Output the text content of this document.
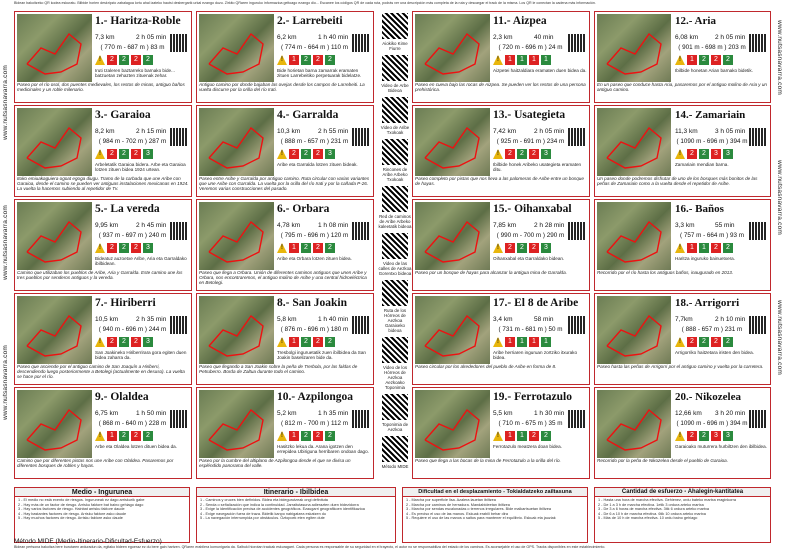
Bidean bakoitzeko QR kodea eskuratu. Bilbide horien deskripzio zabalagoa lortu ahal izateko hautsi desbergarik urkal ezango duzu. Zirkito QRaren inguruko informazioa geltoago ezango dio... Escanee los códigos QR de cada ruta, podrás ver una descripción más completa de la ruta y descargar el track de la misma. Los QR le conectan la cadena más información.
www.nutsasnavarra.com
www.nutsasnavarra.com
www.nutsasnavarra.com
www.nutsasnavarra.com
www.nutsasnavarra.com
www.nutsasnavarra.com
1.- Haritza-Roble
7,3 km	2 h 05 min
( 770 m - 687 m ) 83 m
!	2	2	2	2
Iruti Izaleren baztarreko barnako bide... batzuetan zehazten zituenak zehar.
Paseo por el río osol, dos puentes medievales, los restos de minas, antiguo baños medicinales y un roble milenario.
2.- Larrebeiti
6,2 km	1 h 40 min
( 774 m - 664 m ) 110 m
!	1	2	2	2
Bide horietan barna zamarrak eramaten zituen Larrebeitiko perpetuarak bidelatze.
Antiguo camino por donde bajaban las ovejas desde los campos de Larrebeiti. La vuelta discurre por la orilla del río Irati.
3.- Garaioa
8,2 km	2 h 15 min
( 984 m - 702 m ) 287 m
!	2	2	2	3
Arbeletatik Garaioa bidera. Arbe eta Garaioa lotzen zituen bidea 1924 urtean.
Itoko emiuakaguiera ogoat egoga diugu. Tramo de la carbada que une Aribe con Garaioa, desde el camino se pueden ver antiguas instalaciones mexicanas en 1924. La vuelta la hacemos subiendo al repetidor de Tv.
4.- Garralda
10,3 km	2 h 55 min
( 888 m - 657 m ) 231 m
!	2	2	2	3
Aribe eta Garralda lotzen zituen bideak.
Paseo entre Aribe y Garralda por antiguo camino. Ruta circular con varias variantes que une Aribe con Garralda. La vuelta por la orilla del río Irati y por la cañada P-26. Veremos varias construcciones del pasado.
5.- La vereda
9,95 km	2 h 45 min
( 937 m - 697 m ) 240 m
!	2	2	2	3
Bideatuz auzoetxe Aribe, Aria eta Garraldako ibilbidean.
Camino que utilizaban los pueblos de Aribe, Aria y Garralda. Este camino une los tres pueblos por senderos antiguos y la vereda.
6.- Orbara
4,78 km	1 h 08 min
( 795 m - 696 m ) 120 m
!	1	2	2	2
Aribe eta Orbara lotzen zituen bidea.
Paseo que llega a Orbara. Unión de diferentes caminos antiguos que unen Aribe y Orbara, nos encontraremos, el antiguo molino de Aribe y una central hidroeléctrica en Betolegi.
7.- Hiriberri
10,5 km	2 h 35 min
( 940 m - 696 m ) 244 m
!	2	2	2	3
San Joakineko Hiriberrirara gora egiten duen bidea zaharra da.
Paseo que asciende por el antiguo camino de San Joaquín a Hiriberri, descendiendo luego posteriormente a Betolegi (actualmente en desuso). La vuelta se hace por el río.
8.- San Joakin
5,8 km	1 h 40 min
( 876 m - 696 m ) 180 m
!	1	2	2	2
Tresbolgi inguruetatik zuen ibilbidea da San Joakin baselizaren bide da.
Paseo que llegando a San Joakin sobre la peña de Trerbola, por las faldas de Petruberro. Borda de Zaltua durante todo el camino.
9.- Olaldea
6,75 km	1 h 50 min
( 868 m - 640 m ) 228 m
!	1	2	2	2
Arbe eta Olaldea lotzen dituen bidea da.
Camino que por diferentes pistas nos une Aribe con Olaldea. Pasaremos por diferentes bosques de robles y hayas.
10.- Azpilongoa
5,2 km	1 h 35 min
( 812 m - 700 m ) 112 m
!	1	2	2	2
Hasitzko lekua da. Arana igotzen den errepidea Ubiriguna herribaren ondoan dago.
Paseo por la cumbre del altiplano de Azpilongoa desde el que se divisa un espléndido panorama del valle.
11.- Aizpea
2,3 km	40 min
( 720 m - 696 m ) 24 m
!	1	1	1	1
Aizpetei haitzaldiara eramaten duen bidea da.
Paseo en cueva bajo las rocas de Aizpea. Se pueden ver los restos de una persona prehistórica.
12.- Aria
6,08 km	2 h 05 min
( 901 m - 698 m ) 203 m
!	1	2	2	2
Ibilbide honetan Arian barnako bidetik.
En un paseo que conduce hasta Aria, pasaremos por el antiguo molino de Aria y un antiguo camino.
13.- Usategieta
7,42 km	2 h 05 min
( 925 m - 691 m ) 234 m
!	2	2	2	3
Ibilbide honek Aribeko usategieta eramaten ditu.
Paseo completo por pistas que nos lleva a las palomeras de Aribe entre un bosque de hayas.
14.- Zamariain
11,3 km	3 h 05 min
( 1090 m - 696 m ) 394 m
!	2	2	3	3
Zamariain mendian barna.
Un paseo donde podremos disfrutar de uno de los bosques más bonitos de las peñas de Zamariain como a la vuelta desde el repetidor de Aribe.
15.- Oihanxabal
7,85 km	2 h 28 min
( 990 m - 700 m ) 290 m
!	2	2	2	3
Oihanxabal eta Garraldako bidean.
Paseo por un bosque de hayas para alcanzar la antigua mina de Garralda.
16.- Baños
3,3 km	55 min
( 757 m - 664 m ) 93 m
!	1	1	2	2
Haritza inguruko bainuetxera.
Recorrido por el río hasta los antiguos baños, inaugurado en 2013.
17.- El 8 de Aribe
3,4 km	58 min
( 731 m - 681 m ) 50 m
!	1	1	1	1
Aribe herriaren inguruan zortziko itxurako bidea.
Paseo circular por los alrededores del pueblo de Aribe en forma de 8.
18.- Arrigorri
7,7km	2 h 10 min
( 888 - 657 m ) 231 m
!	2	2	2	2
Arrigorriko haitzetara iristen den bidea.
Paseo hasta las peñas de Arrigorri por el antiguo camino y vuelta por la carretera.
19.- Ferrotazulo
5,5 km	1 h 30 min
( 710 m - 675 m ) 35 m
!	1	1	2	2
Ferrotazulo meatzera doan bidea.
Paseo que llega a las bocas de la mina de Ferrotazulo a la orilla del río.
20.- Nikozelea
12,66 km 3 h 20 min
( 1090 m - 696 m ) 394 m
!	2	2	3	3
Garaioako muturrera hurbiltzen den ibilbidea.
Recorrido por la peña de Nikozelea desde el pueblo de Garaioa.
Aiokiko Kime Fiurre
Video de Arbe Bideoa
Video de Aribe Txokoak
Rincones de Aribe Arbeko Txokoak
Red de caminos de Aribe Arbeko kaleetatik bideoa
Video de las calles de Aezkoa Gorentxo bideoa
Ruta de los Hórreos de Aezkoa Garaixeko bideoa
Video de los Hórreos de Aezkoa Aezkoako Toponimia
Toponimia de Aezkoa
Método MIDE
Medio - Ingurunea
1 - El medio no está exento de riesgos. Inguruneak ez dago arriskurik gabe
2 - Hay más de un factor de riesgo. Arrisku faktore bat baino gehiago dago
3 - Hay varios factores de riesgo. Hainbat arrisku faktore daude
4 - Hay bastantes factores de riesgo. Arrisku faktore asko daude
5 - Hay muchos factores de riesgo. Arrisku faktore asko daude
Itinerario - Ibilbidea
1 - Caminos y cruces bien definidos. Bidea eta bidegurutzeak ongi definituta
2 - Senda o señalización que indica la continuidad. Jarraitutasuna adierazten duen bidezidorra
3 - Exige la identificación precisa de accidentes geográficos. Ezaugarri geografikoen identifikazioa
4 - Exige navegación fuera de traza. Bidetik kanpo nabigatzea eskatzen du
5 - La navegación interrumpida por obstáculos. Oztopoek eten egiten dute
Dificultad en el desplazamiento - Tokialdatzeko zailtasuna
1 - Marcha por superficie lisa. Azalera lauetan ibiltzea
2 - Marcha por caminos de herradura. Mandabideetan ibiltzea
3 - Marcha por sendas escalonadas o terrenos irregulares. Bide malkartsuetan ibiltzea
4 - Es preciso el uso de las manos. Eskuak erabili behar dira
5 - Requiere el uso de las manos o saltos para mantener el equilibrio. Eskuak eta jauziak
Cantidad de esfuerzo - Ahalegin-kantitatea
1 - Hasta una hora de marcha efectiva. Gehienez, ordu bateko martxa eraginkorra
2 - De 1 a 3 h de marcha efectiva. 1etik 3 ordura arteko martxa
3 - De 3 a 6 horas de marcha efectiva. 3tik 6 ordura arteko martxa
4 - De 6 a 10 h de marcha efectiva. 6tik 10 ordura arteko martxa
5 - Más de 10 h de marcha efectiva. 10 ordu baino gehiago
Método MIDE (Medio-Itinerario-Dificultad-Esfuerzo)
Bidean pertsona bakoitza bere burutaren arduradun da, egitako bideen egoeraz ez du bere gain hartzen. QRaren erabilera komunigaria da. Salbuki hiorotan trackak eskuragarri. Cada persona es responsable de su seguridad en el trayecto, el autor no se responsabiliza del estado de los caminos. Es aconsejable el uso de GPS. Tracks disponibles en este establecimiento.
